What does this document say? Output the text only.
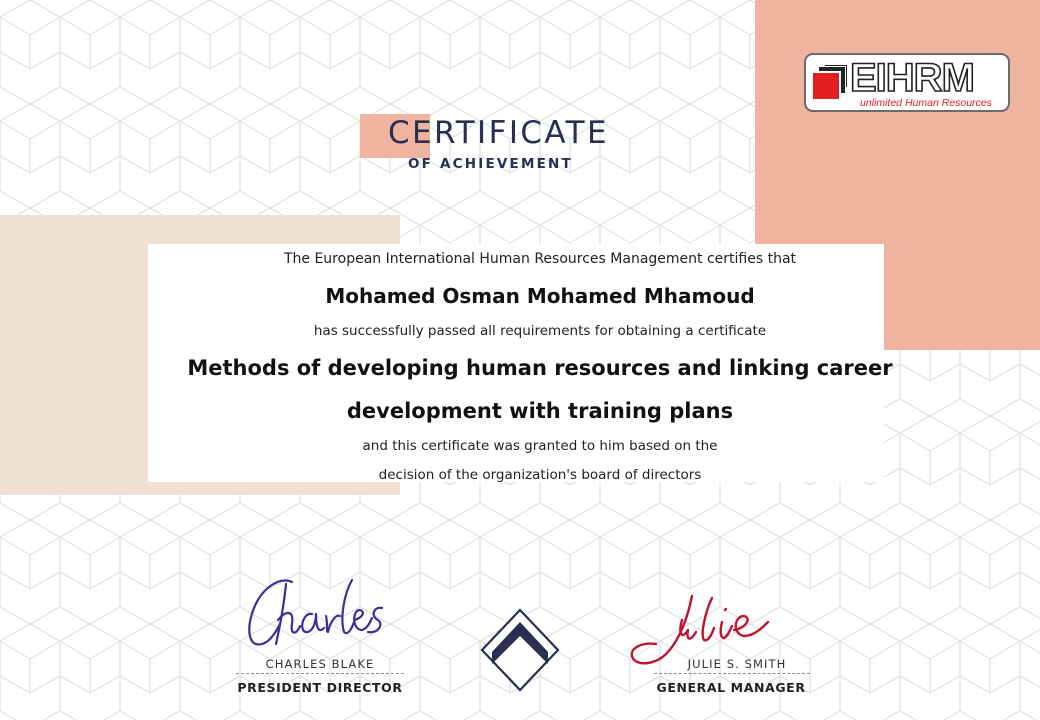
EIHRM
unlimited Human Resources
CERTIFICATE
OF ACHIEVEMENT
The European International Human Resources Management certifies that
Mohamed Osman Mohamed Mhamoud
has successfully passed all requirements for obtaining a certificate
Methods of developing human resources and linking career
development with training plans
and this certificate was granted to him based on the
decision of the organization's board of directors
CHARLES BLAKE
PRESIDENT DIRECTOR
JULIE S. SMITH
GENERAL MANAGER
